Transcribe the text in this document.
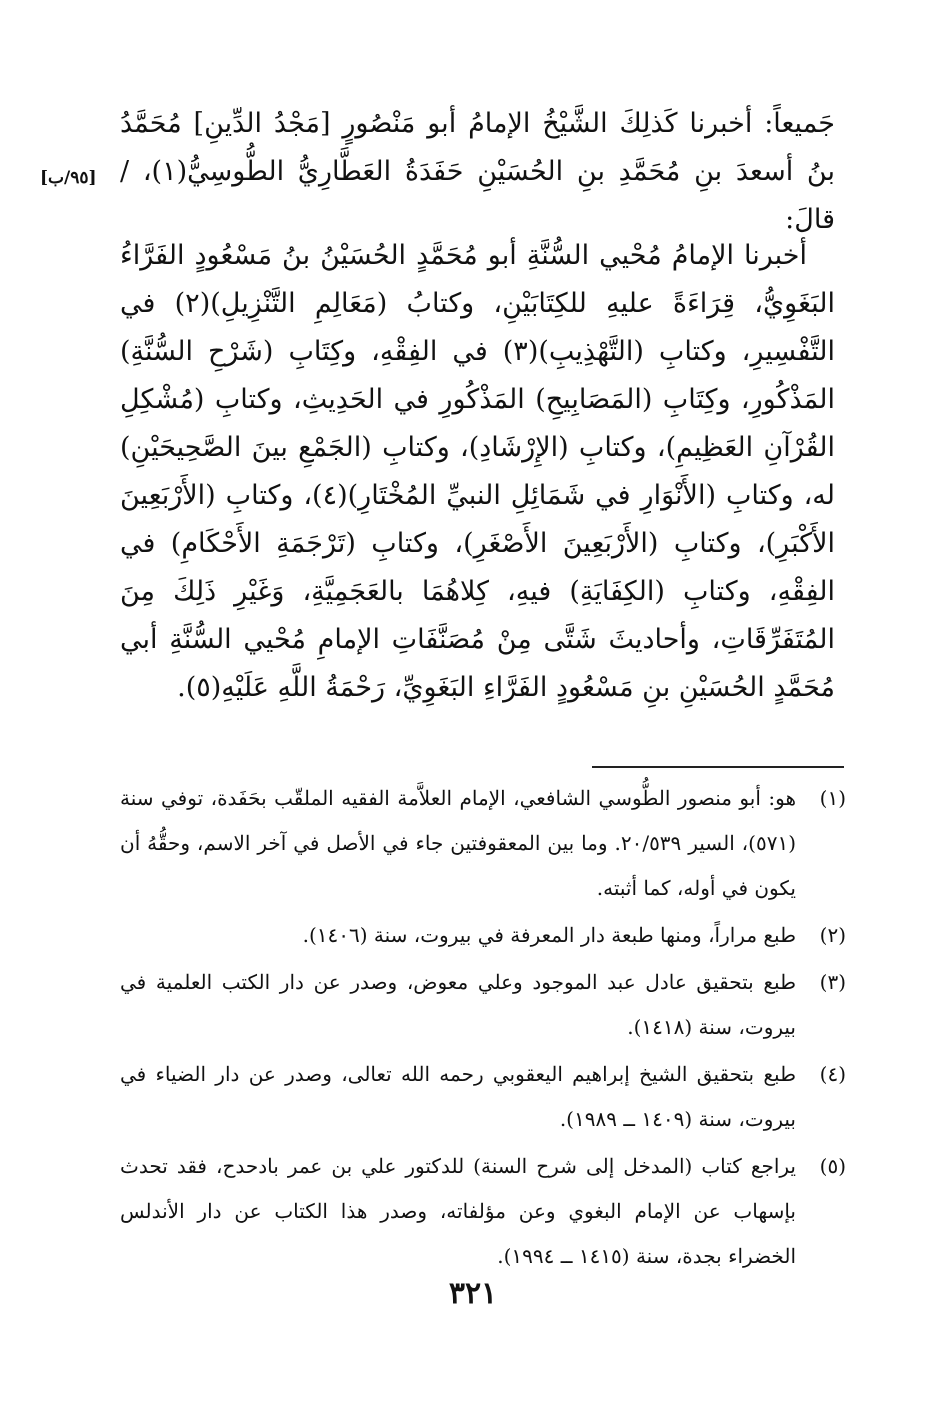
جَميعاً: أخبرنا كَذلِكَ الشَّيْخُ الإمامُ أبو مَنْصُورٍ [مَجْدُ الدِّينِ] مُحَمَّدُ بنُ أسعدَ بنِ مُحَمَّدِ بنِ الحُسَيْنِ حَفَدَةُ العَطَّارِيُّ الطُّوسِيُّ(١)، / قالَ:

[٩٥/ب]

أخبرنا الإمامُ مُحْيي السُّنَّةِ أبو مُحَمَّدٍ الحُسَيْنُ بنُ مَسْعُودٍ الفَرَّاءُ البَغَوِيُّ، قِرَاءَةً عليهِ للكِتَابَيْنِ، وكتابُ (مَعَالِمِ التَّنْزِيلِ)(٢) في التَّفْسِيرِ، وكتابِ (التَّهْذِيبِ)(٣) في الفِقْهِ، وكِتَابِ (شَرْحِ السُّنَّةِ) المَذْكُورِ، وكِتَابِ (المَصَابِيحِ) المَذْكُورِ في الحَدِيثِ، وكتابِ (مُشْكِلِ القُرْآنِ العَظِيمِ)، وكتابِ (الإِرْشَادِ)، وكتابِ (الجَمْعِ بينَ الصَّحِيحَيْنِ) له، وكتابِ (الأَنْوَارِ في شَمَائِلِ النبيِّ المُخْتَارِ)(٤)، وكتابِ (الأَرْبَعِينَ الأَكْبَرِ)، وكتابِ (الأَرْبَعِينَ الأَصْغَرِ)، وكتابِ (تَرْجَمَةِ الأَحْكَامِ) في الفِقْهِ، وكتابِ (الكِفَايَةِ) فيهِ، كِلاهُمَا بالعَجَمِيَّةِ، وَغَيْرِ ذَلِكَ مِنَ المُتَفَرِّقَاتِ، وأحاديثَ شَتَّى مِنْ مُصَنَّفَاتِ الإمامِ مُحْيي السُّنَّةِ أبي مُحَمَّدٍ الحُسَيْنِ بنِ مَسْعُودٍ الفَرَّاءِ البَغَوِيِّ، رَحْمَةُ اللَّهِ عَلَيْهِ(٥).

(١)
هو: أبو منصور الطُّوسي الشافعي، الإمام العلاَّمة الفقيه الملقّب بحَفَدة، توفي سنة (٥٧١)، السير ٢٠/٥٣٩. وما بين المعقوفتين جاء في الأصل في آخر الاسم، وحقُّهُ أن يكون في أوله، كما أثبته.
(٢)
طبع مراراً، ومنها طبعة دار المعرفة في بيروت، سنة (١٤٠٦).
(٣)
طبع بتحقيق عادل عبد الموجود وعلي معوض، وصدر عن دار الكتب العلمية في بيروت، سنة (١٤١٨).
(٤)
طبع بتحقيق الشيخ إبراهيم اليعقوبي رحمه الله تعالى، وصدر عن دار الضياء في بيروت، سنة (١٤٠٩ ــ ١٩٨٩).
(٥)
يراجع كتاب (المدخل إلى شرح السنة) للدكتور علي بن عمر بادحدح، فقد تحدث بإسهاب عن الإمام البغوي وعن مؤلفاته، وصدر هذا الكتاب عن دار الأندلس الخضراء بجدة، سنة (١٤١٥ ــ ١٩٩٤).
٣٢١
